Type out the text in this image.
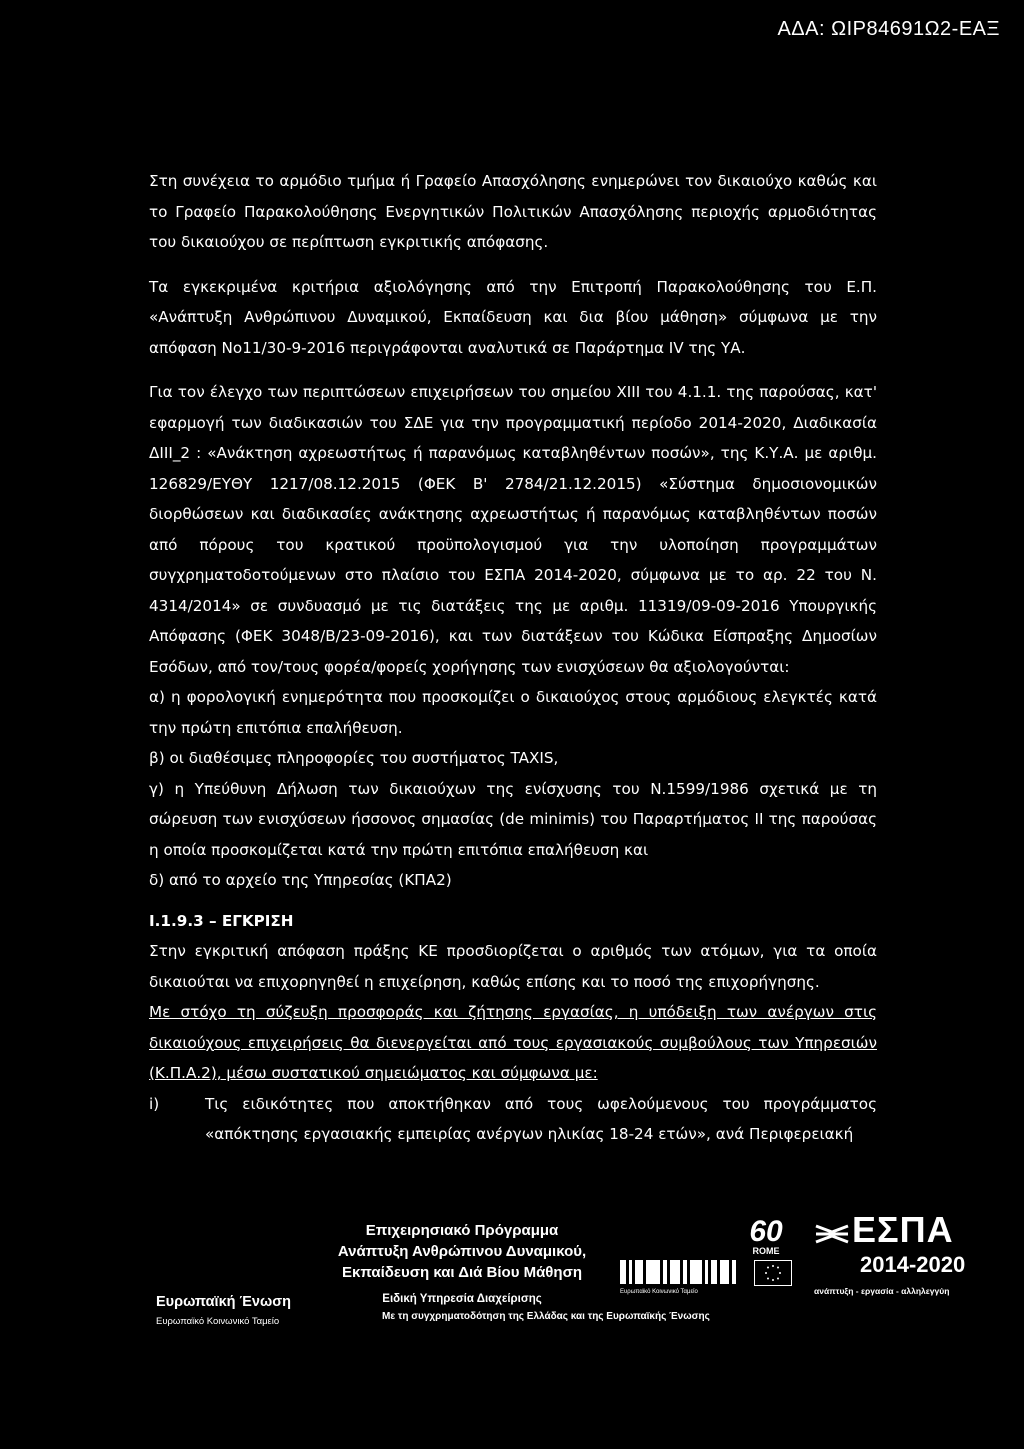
ΑΔΑ: ΩΙΡ84691Ω2-ΕΑΞ

Στη συνέχεια το αρμόδιο τμήμα ή Γραφείο Απασχόλησης ενημερώνει τον δικαιούχο καθώς και το Γραφείο Παρακολούθησης Ενεργητικών Πολιτικών Απασχόλησης περιοχής αρμοδιότητας του δικαιούχου σε περίπτωση εγκριτικής απόφασης.

Τα εγκεκριμένα κριτήρια αξιολόγησης από την Επιτροπή Παρακολούθησης του Ε.Π. «Ανάπτυξη Ανθρώπινου Δυναμικού, Εκπαίδευση και δια βίου μάθηση» σύμφωνα με την απόφαση Νο11/30-9-2016 περιγράφονται αναλυτικά σε Παράρτημα IV της ΥΑ.

Για τον έλεγχο των περιπτώσεων επιχειρήσεων του σημείου XIII του 4.1.1. της παρούσας, κατ' εφαρμογή των διαδικασιών του ΣΔΕ για την προγραμματική περίοδο 2014-2020, Διαδικασία ΔΙΙΙ_2 : «Ανάκτηση αχρεωστήτως ή παρανόμως καταβληθέντων ποσών», της Κ.Υ.Α. με αριθμ. 126829/ΕΥΘΥ 1217/08.12.2015 (ΦΕΚ Β' 2784/21.12.2015) «Σύστημα δημοσιονομικών διορθώσεων και διαδικασίες ανάκτησης αχρεωστήτως ή παρανόμως καταβληθέντων ποσών από πόρους του κρατικού προϋπολογισμού για την υλοποίηση προγραμμάτων συγχρηματοδοτούμενων στο πλαίσιο του ΕΣΠΑ 2014-2020, σύμφωνα με το αρ. 22 του Ν. 4314/2014» σε συνδυασμό με τις διατάξεις της με αριθμ. 11319/09-09-2016 Υπουργικής Απόφασης (ΦΕΚ 3048/Β/23-09-2016), και των διατάξεων του Κώδικα Είσπραξης Δημοσίων Εσόδων, από τον/τους φορέα/φορείς χορήγησης των ενισχύσεων θα αξιολογούνται:

α) η φορολογική ενημερότητα που προσκομίζει ο δικαιούχος στους αρμόδιους ελεγκτές κατά την πρώτη επιτόπια επαλήθευση.

β) οι διαθέσιμες πληροφορίες του συστήματος TAXIS,

γ) η Υπεύθυνη Δήλωση των δικαιούχων της ενίσχυσης του Ν.1599/1986 σχετικά με τη σώρευση των ενισχύσεων ήσσονος σημασίας (de minimis) του Παραρτήματος II της παρούσας η οποία προσκομίζεται κατά την πρώτη επιτόπια επαλήθευση και

δ) από το αρχείο της Υπηρεσίας (ΚΠΑ2)

I.1.9.3 – ΕΓΚΡΙΣΗ

Στην εγκριτική απόφαση πράξης ΚΕ προσδιορίζεται ο αριθμός των ατόμων, για τα οποία δικαιούται να επιχορηγηθεί η επιχείρηση, καθώς επίσης και το ποσό της επιχορήγησης.

Με στόχο τη σύζευξη προσφοράς και ζήτησης εργασίας, η υπόδειξη των ανέργων στις δικαιούχους επιχειρήσεις θα διενεργείται από τους εργασιακούς συμβούλους των Υπηρεσιών (Κ.Π.Α.2), μέσω συστατικού σημειώματος και σύμφωνα με:

i)	Τις ειδικότητες που αποκτήθηκαν από τους ωφελούμενους του προγράμματος «απόκτησης εργασιακής εμπειρίας ανέργων ηλικίας 18-24 ετών», ανά Περιφερειακή
Ευρωπαϊκή Ένωση
Ευρωπαϊκό Κοινωνικό Ταμείο
Επιχειρησιακό Πρόγραμμα
Ανάπτυξη Ανθρώπινου Δυναμικού,
Εκπαίδευση και Διά Βίου Μάθηση
Ειδική Υπηρεσία Διαχείρισης
Με τη συγχρηματοδότηση της Ελλάδας και της Ευρωπαϊκής Ένωσης
60
ROME
Ευρωπαϊκό Κοινωνικό Ταμείο
ΕΣΠΑ
2014-2020
ανάπτυξη - εργασία - αλληλεγγύη
